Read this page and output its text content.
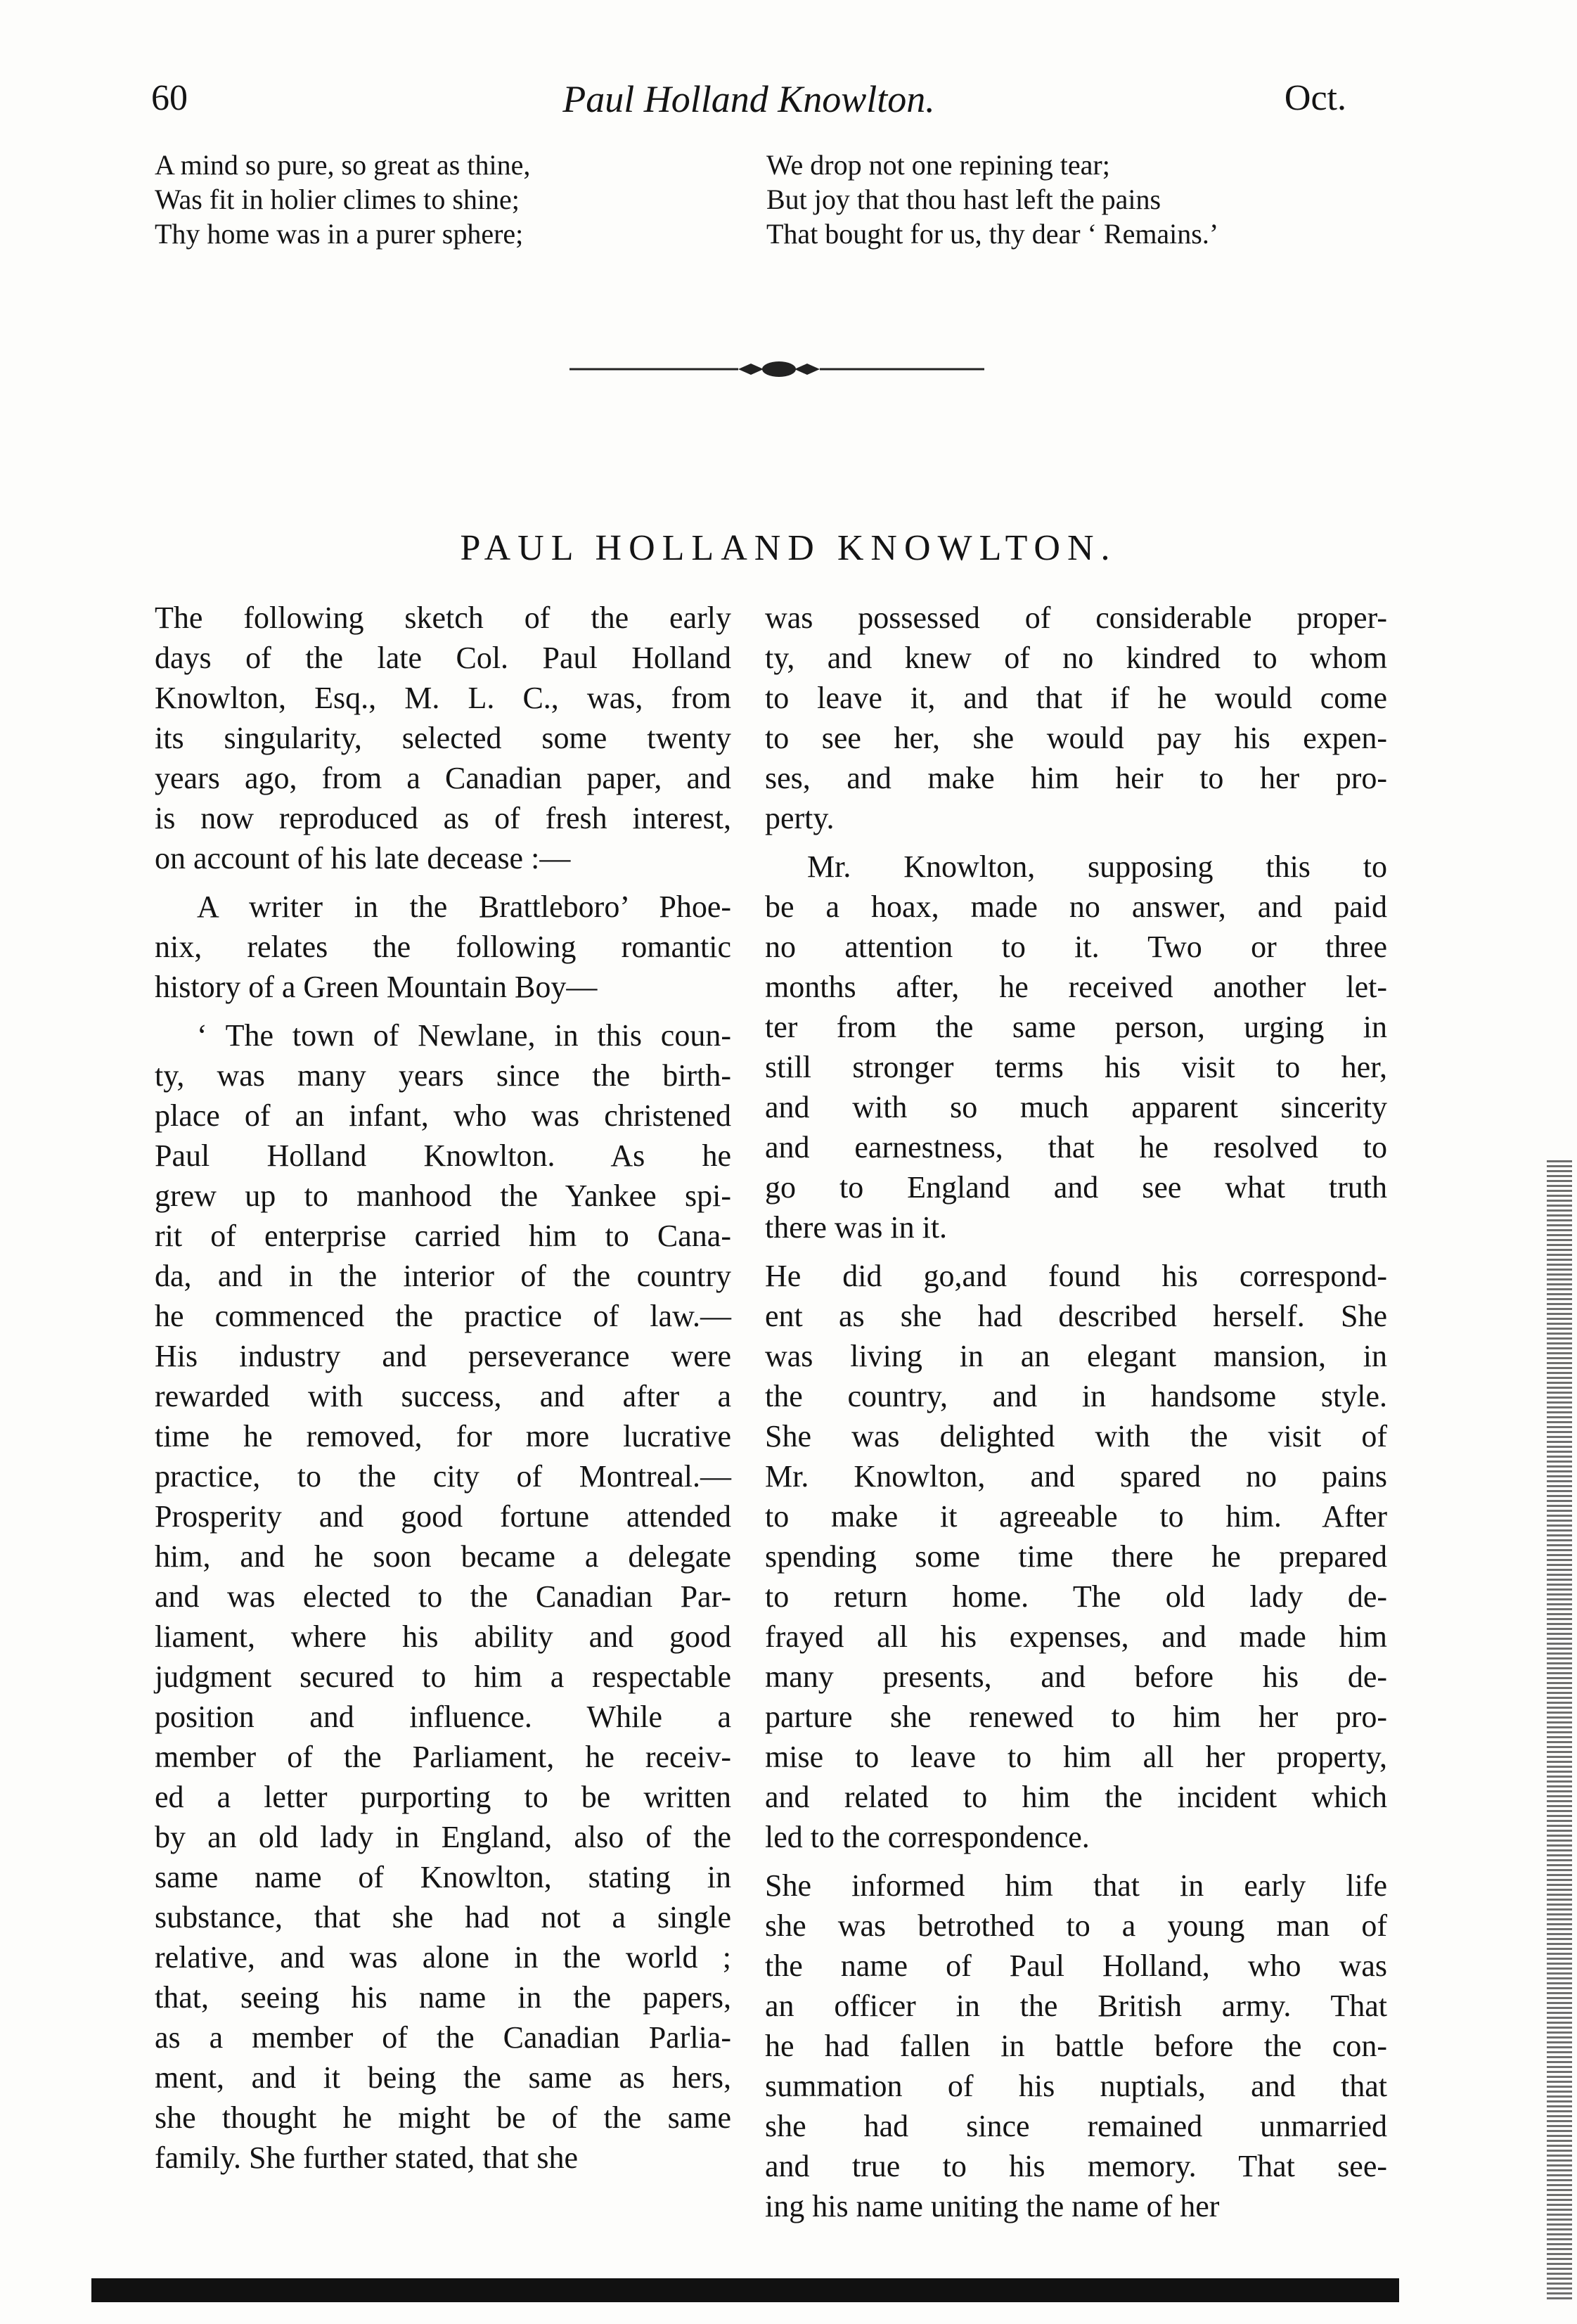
60	Paul Holland Knowlton.	Oct.
A mind so pure, so great as thine,
Was fit in holier climes to shine;
Thy home was in a purer sphere;
We drop not one repining tear;
But joy that thou hast left the pains
That bought for us, thy dear ‘ Remains.’
PAUL HOLLAND KNOWLTON.

The following sketch of the early
days of the late Col. Paul Holland
Knowlton, Esq., M. L. C., was, from
its singularity, selected some twenty
years ago, from a Canadian paper, and
is now reproduced as of fresh interest,
on account of his late decease :—

A writer in the Brattleboro’ Phoe-
nix, relates the following romantic
history of a Green Mountain Boy—

‘ The town of Newlane, in this coun-
ty, was many years since the birth-
place of an infant, who was christened
Paul Holland Knowlton. As he
grew up to manhood the Yankee spi-
rit of enterprise carried him to Cana-
da, and in the interior of the country
he commenced the practice of law.—
His industry and perseverance were
rewarded with success, and after a
time he removed, for more lucrative
practice, to the city of Montreal.—
Prosperity and good fortune attended
him, and he soon became a delegate
and was elected to the Canadian Par-
liament, where his ability and good
judgment secured to him a respectable
position and influence. While a
member of the Parliament, he receiv-
ed a letter purporting to be written
by an old lady in England, also of the
same name of Knowlton, stating in
substance, that she had not a single
relative, and was alone in the world ;
that, seeing his name in the papers,
as a member of the Canadian Parlia-
ment, and it being the same as hers,
she thought he might be of the same
family. She further stated, that she

was possessed of considerable proper-
ty, and knew of no kindred to whom
to leave it, and that if he would come
to see her, she would pay his expen-
ses, and make him heir to her pro-
perty.

Mr. Knowlton, supposing this to
be a hoax, made no answer, and paid
no attention to it. Two or three
months after, he received another let-
ter from the same person, urging in
still stronger terms his visit to her,
and with so much apparent sincerity
and earnestness, that he resolved to
go to England and see what truth
there was in it.

He did go,and found his correspond-
ent as she had described herself. She
was living in an elegant mansion, in
the country, and in handsome style.
She was delighted with the visit of
Mr. Knowlton, and spared no pains
to make it agreeable to him. After
spending some time there he prepared
to return home. The old lady de-
frayed all his expenses, and made him
many presents, and before his de-
parture she renewed to him her pro-
mise to leave to him all her property,
and related to him the incident which
led to the correspondence.

She informed him that in early life
she was betrothed to a young man of
the name of Paul Holland, who was
an officer in the British army. That
he had fallen in battle before the con-
summation of his nuptials, and that
she had since remained unmarried
and true to his memory. That see-
ing his name uniting the name of her
